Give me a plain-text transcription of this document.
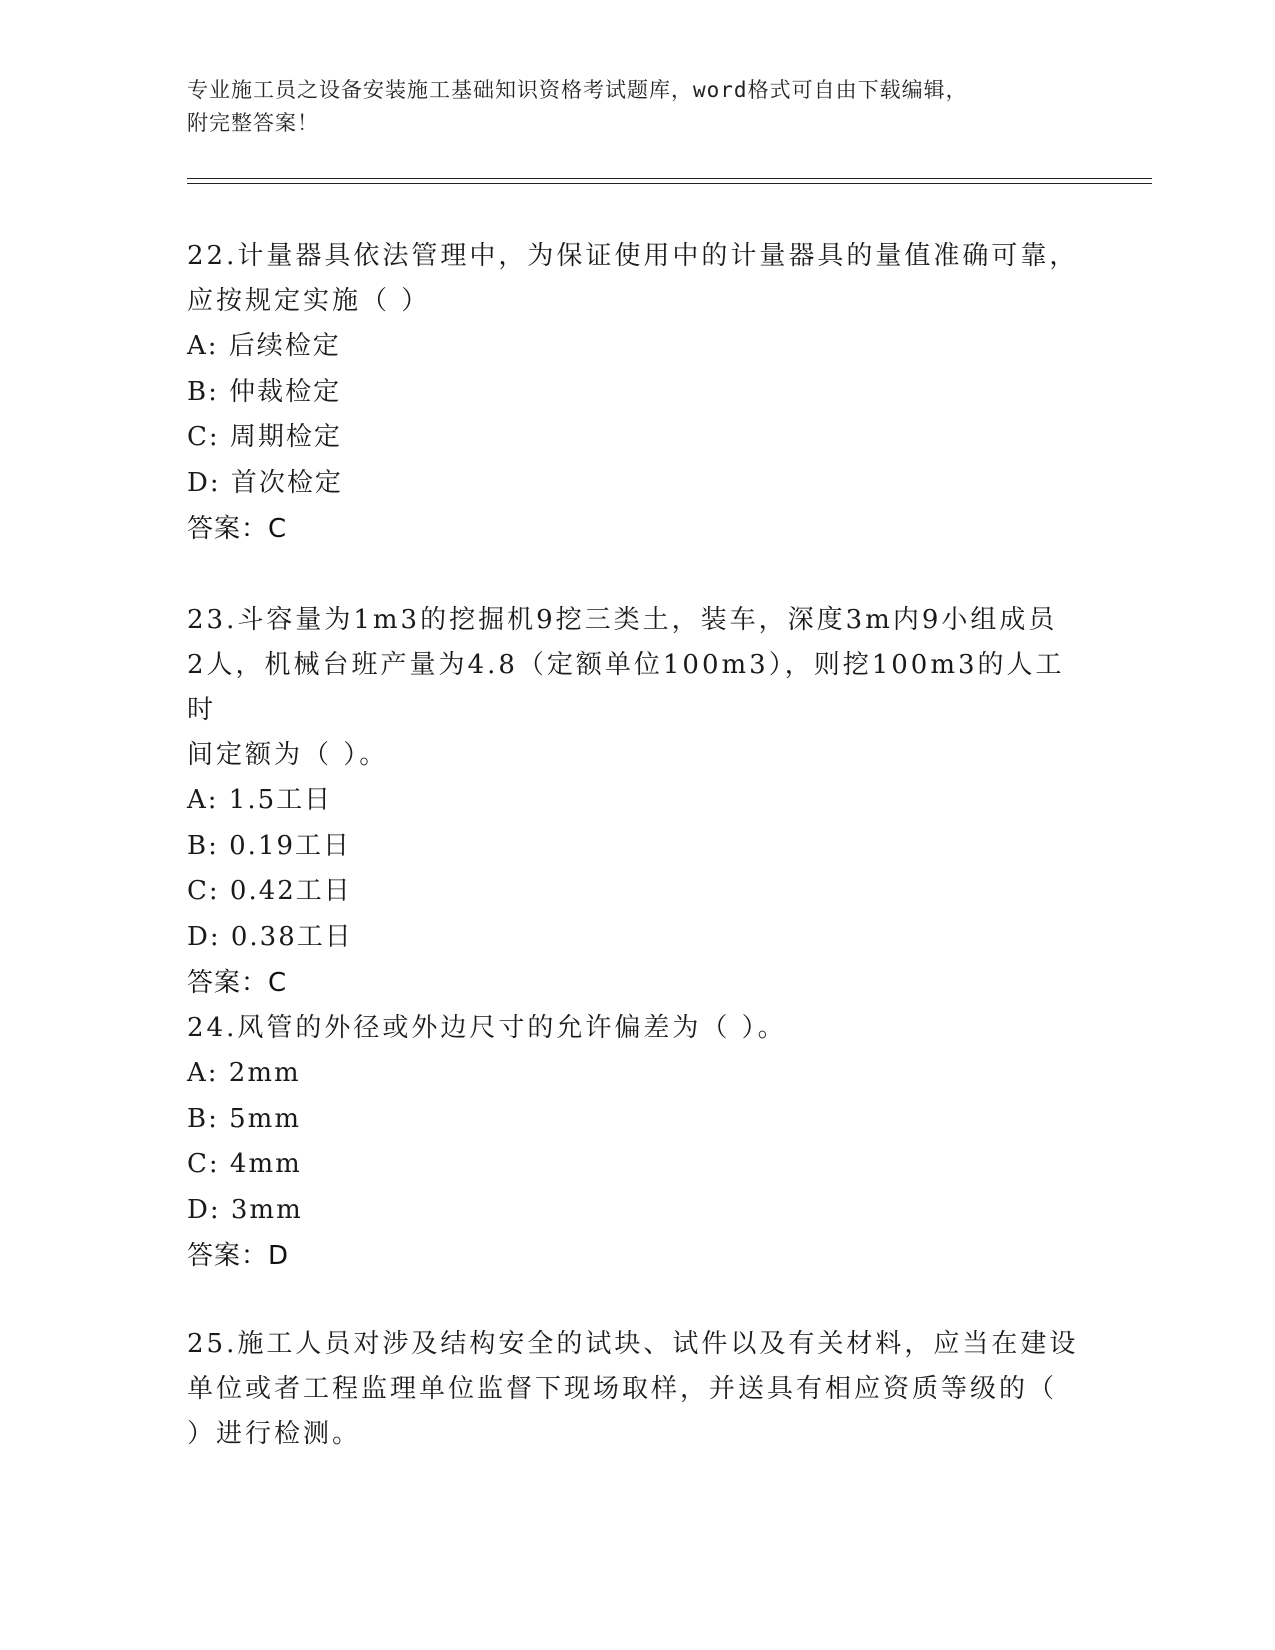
专业施工员之设备安装施工基础知识资格考试题库，word格式可自由下载编辑，
附完整答案！
22.计量器具依法管理中，为保证使用中的计量器具的量值准确可靠，
应按规定实施（ ）
A: 后续检定
B: 仲裁检定
C: 周期检定
D: 首次检定
答案：C
23.斗容量为1m3的挖掘机9挖三类土，装车，深度3m内9小组成员
2人，机械台班产量为4.8（定额单位100m3），则挖100m3的人工时
间定额为（ ）。
A: 1.5工日
B: 0.19工日
C: 0.42工日
D: 0.38工日
答案：C
24.风管的外径或外边尺寸的允许偏差为（ ）。
A: 2mm
B: 5mm
C: 4mm
D: 3mm
答案：D
25.施工人员对涉及结构安全的试块、试件以及有关材料，应当在建设
单位或者工程监理单位监督下现场取样，并送具有相应资质等级的（
）进行检测。
